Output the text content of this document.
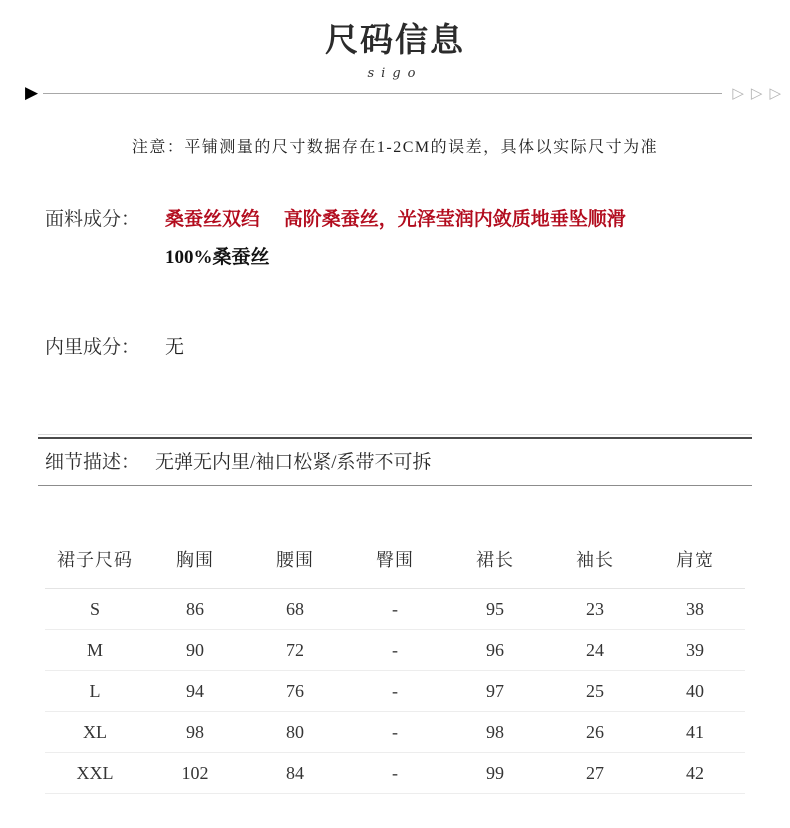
尺码信息
sigo
▶	▷▷▷
注意：平铺测量的尺寸数据存在1-2CM的误差，具体以实际尺寸为准
面料成分：	桑蚕丝双绉　 高阶桑蚕丝，光泽莹润内敛质地垂坠顺滑
100%桑蚕丝
内里成分：	无
细节描述： 无弹无内里/袖口松紧/系带不可拆
裙子尺码	胸围	腰围	臀围	裙长	袖长	肩宽
S	86	68	-	95	23	38
M	90	72	-	96	24	39
L	94	76	-	97	25	40
XL	98	80	-	98	26	41
XXL	102	84	-	99	27	42
